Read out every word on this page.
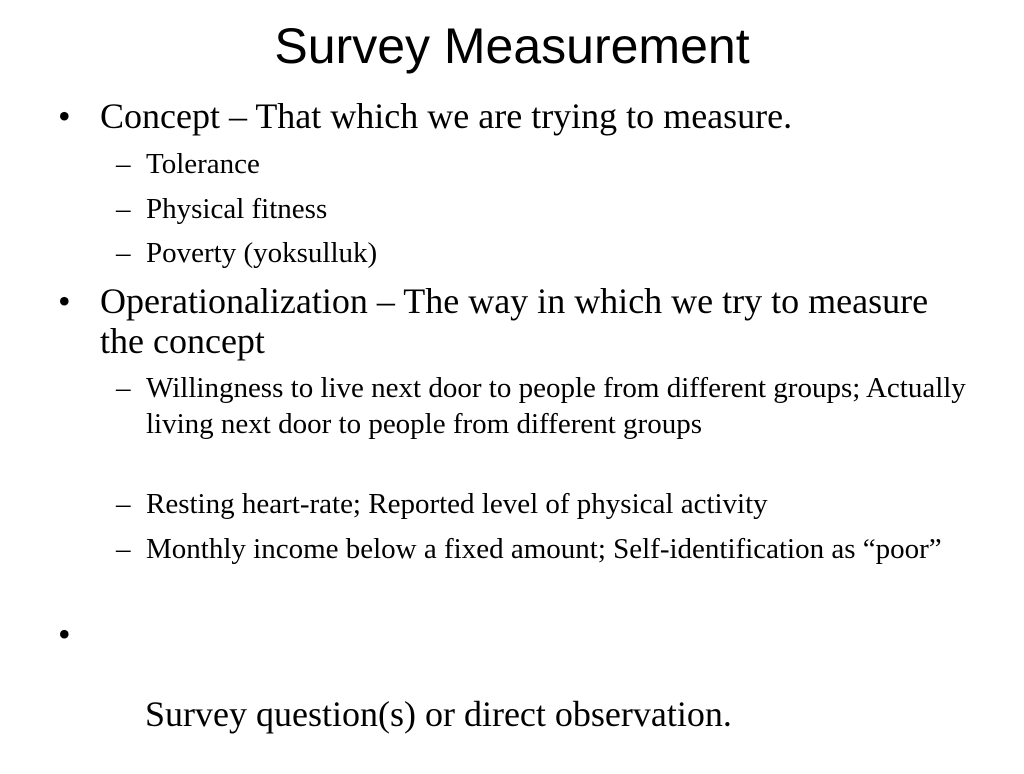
Survey Measurement
• Concept – That which we are trying to measure.
– Tolerance
– Physical fitness
– Poverty (yoksulluk)
• Operationalization – The way in which we try to measure the concept
– Willingness to live next door to people from different groups; Actually living next door to people from different groups
– Resting heart-rate; Reported level of physical activity
– Monthly income below a fixed amount; Self-identification as “poor”

•

Survey question(s) or direct observation.
